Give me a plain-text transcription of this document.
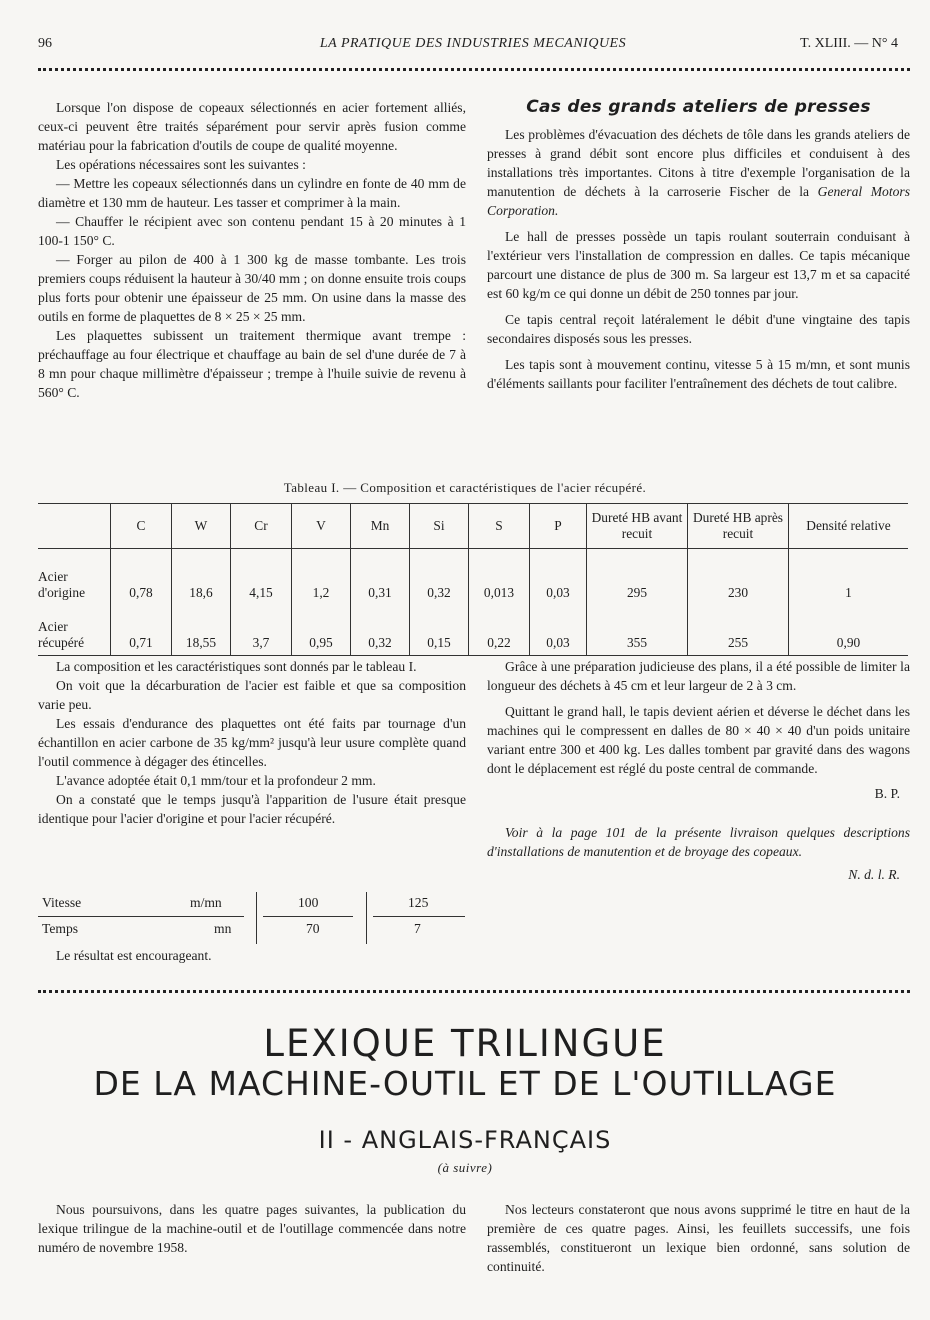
96	LA PRATIQUE DES INDUSTRIES MECANIQUES	T. XLIII. — N° 4

Lorsque l'on dispose de copeaux sélectionnés en acier fortement alliés, ceux-ci peuvent être traités séparément pour servir après fusion comme matériau pour la fabrication d'outils de coupe de qualité moyenne.

Les opérations nécessaires sont les suivantes :

— Mettre les copeaux sélectionnés dans un cylindre en fonte de 40 mm de diamètre et 130 mm de hauteur. Les tasser et comprimer à la main.

— Chauffer le récipient avec son contenu pendant 15 à 20 minutes à 1 100-1 150° C.

— Forger au pilon de 400 à 1 300 kg de masse tombante. Les trois premiers coups réduisent la hauteur à 30/40 mm ; on donne ensuite trois coups plus forts pour obtenir une épaisseur de 25 mm. On usine dans la masse des outils en forme de plaquettes de 8 × 25 × 25 mm.

Les plaquettes subissent un traitement thermique avant trempe : préchauffage au four électrique et chauffage au bain de sel d'une durée de 7 à 8 mn pour chaque millimètre d'épaisseur ; trempe à l'huile suivie de revenu à 560° C.

Cas des grands ateliers de presses

Les problèmes d'évacuation des déchets de tôle dans les grands ateliers de presses à grand débit sont encore plus difficiles et conduisent à des installations très importantes. Citons à titre d'exemple l'organisation de la manutention de déchets à la carroserie Fischer de la General Motors Corporation.

Le hall de presses possède un tapis roulant souterrain conduisant à l'extérieur vers l'installation de compression en dalles. Ce tapis mécanique parcourt une distance de plus de 300 m. Sa largeur est 13,7 m et sa capacité est 60 kg/m ce qui donne un débit de 250 tonnes par jour.

Ce tapis central reçoit latéralement le débit d'une vingtaine des tapis secondaires disposés sous les presses.

Les tapis sont à mouvement continu, vitesse 5 à 15 m/mn, et sont munis d'éléments saillants pour faciliter l'entraînement des déchets de tout calibre.

Tableau I. — Composition et caractéristiques de l'acier récupéré.
	C	W	Cr	V	Mn	Si	S	P	Dureté HB avant recuit	Dureté HB après recuit	Densité relative
Acier d'origine	0,78	18,6	4,15	1,2	0,31	0,32	0,013	0,03	295	230	1
Acier récupéré	0,71	18,55	3,7	0,95	0,32	0,15	0,22	0,03	355	255	0,90

La composition et les caractéristiques sont donnés par le tableau I.

On voit que la décarburation de l'acier est faible et que sa composition varie peu.

Les essais d'endurance des plaquettes ont été faits par tournage d'un échantillon en acier carbone de 35 kg/mm² jusqu'à leur usure complète quand l'outil commence à dégager des étincelles.

L'avance adoptée était 0,1 mm/tour et la profondeur 2 mm.

On a constaté que le temps jusqu'à l'apparition de l'usure était presque identique pour l'acier d'origine et pour l'acier récupéré.

Vitesse	m/mn	100	125
Temps	mn	70	7

Le résultat est encourageant.

Grâce à une préparation judicieuse des plans, il a été possible de limiter la longueur des déchets à 45 cm et leur largeur de 2 à 3 cm.

Quittant le grand hall, le tapis devient aérien et déverse le déchet dans les machines qui le compressent en dalles de 80 × 40 × 40 d'un poids unitaire variant entre 300 et 400 kg. Les dalles tombent par gravité dans des wagons dont le déplacement est réglé du poste central de commande.

B. P.

Voir à la page 101 de la présente livraison quelques descriptions d'installations de manutention et de broyage des copeaux.

N. d. l. R.

LEXIQUE TRILINGUE
DE LA MACHINE-OUTIL ET DE L'OUTILLAGE
II - ANGLAIS-FRANÇAIS
(à suivre)

Nous poursuivons, dans les quatre pages suivantes, la publication du lexique trilingue de la machine-outil et de l'outillage commencée dans notre numéro de novembre 1958.

Nos lecteurs constateront que nous avons supprimé le titre en haut de la première de ces quatre pages. Ainsi, les feuillets successifs, une fois rassemblés, constitueront un lexique bien ordonné, sans solution de continuité.
